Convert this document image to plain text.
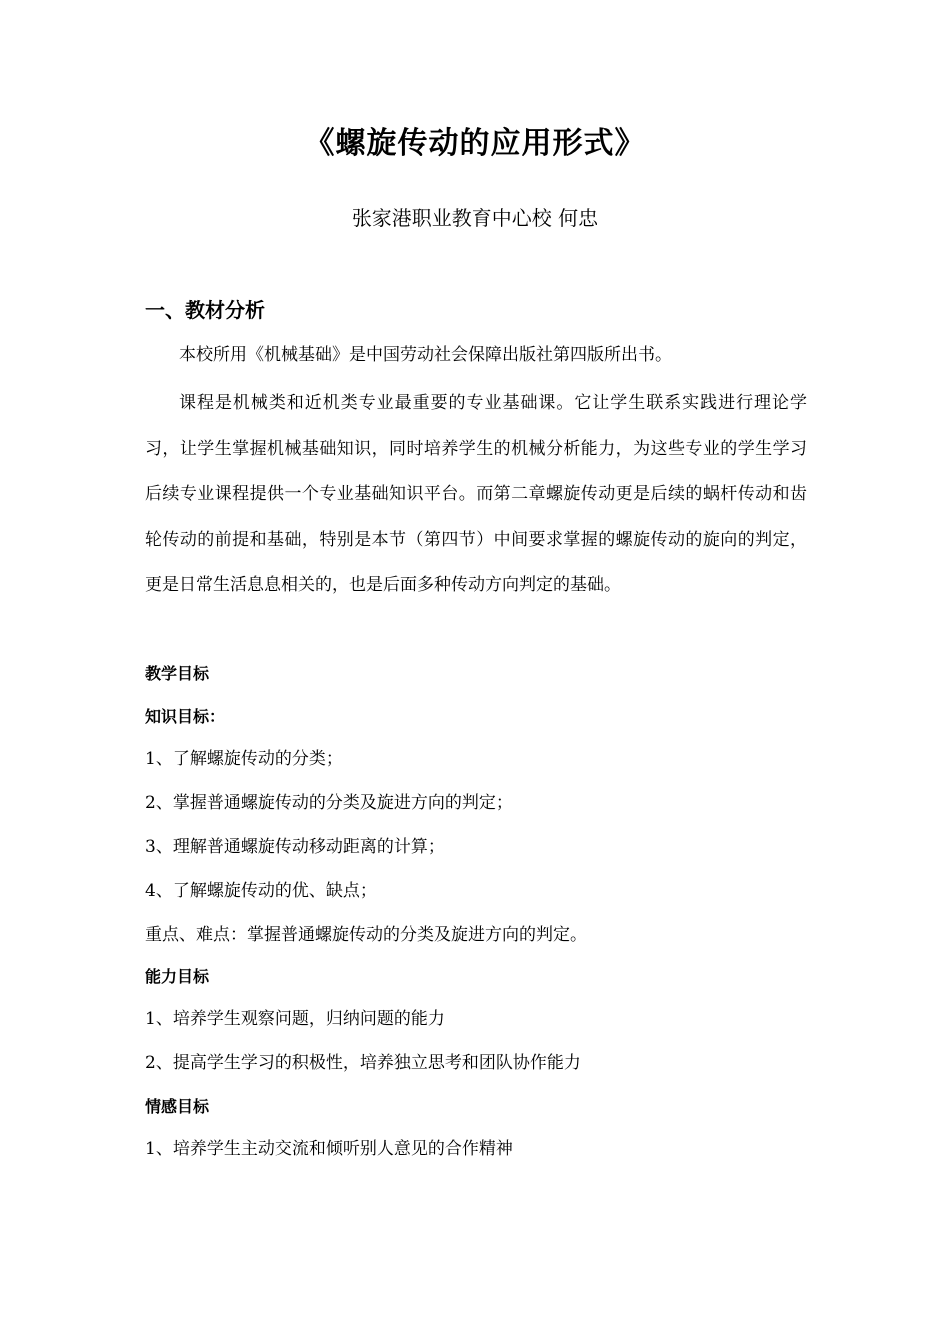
《螺旋传动的应用形式》
张家港职业教育中心校 何忠
一、教材分析
本校所用《机械基础》是中国劳动社会保障出版社第四版所出书。
课程是机械类和近机类专业最重要的专业基础课。它让学生联系实践进行理论学习，让学生掌握机械基础知识，同时培养学生的机械分析能力，为这些专业的学生学习后续专业课程提供一个专业基础知识平台。而第二章螺旋传动更是后续的蜗杆传动和齿轮传动的前提和基础，特别是本节（第四节）中间要求掌握的螺旋传动的旋向的判定，更是日常生活息息相关的，也是后面多种传动方向判定的基础。
教学目标
知识目标：
1、了解螺旋传动的分类；
2、掌握普通螺旋传动的分类及旋进方向的判定；
3、理解普通螺旋传动移动距离的计算；
4、了解螺旋传动的优、缺点；
重点、难点：掌握普通螺旋传动的分类及旋进方向的判定。
能力目标
1、培养学生观察问题，归纳问题的能力
2、提高学生学习的积极性，培养独立思考和团队协作能力
情感目标
1、培养学生主动交流和倾听别人意见的合作精神
